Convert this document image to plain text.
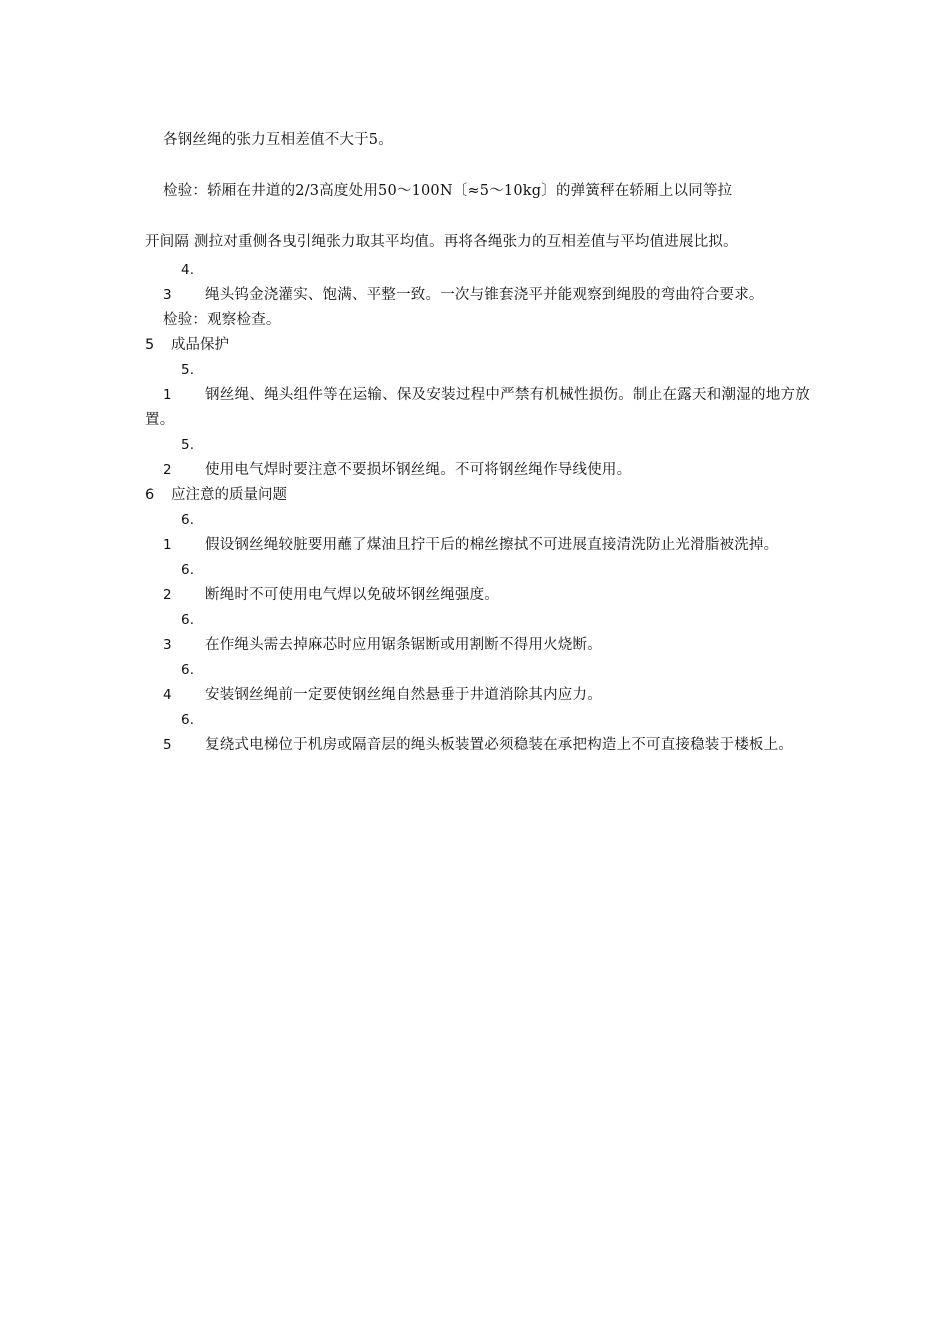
各钢丝绳的张力互相差值不大于5。

检验：轿厢在井道的2/3高度处用50～100N〔≈5～10kg〕的弹簧秤在轿厢上以同等拉

开间隔 测拉对重侧各曳引绳张力取其平均值。再将各绳张力的互相差值与平均值进展比拟。

4. 3 绳头钨金浇灌实、饱满、平整一致。一次与锥套浇平并能观察到绳股的弯曲符合要求。

检验：观察检查。

5 成品保护

5. 1 钢丝绳、绳头组件等在运输、保及安装过程中严禁有机械性损伤。制止在露天和潮湿的地方放置。

5. 2 使用电气焊时要注意不要损坏钢丝绳。不可将钢丝绳作导线使用。

6 应注意的质量问题

6. 1 假设钢丝绳较脏要用蘸了煤油且拧干后的棉丝擦拭不可进展直接清洗防止光滑脂被洗掉。

6. 2 断绳时不可使用电气焊以免破坏钢丝绳强度。

6. 3 在作绳头需去掉麻芯时应用锯条锯断或用割断不得用火烧断。

6. 4 安装钢丝绳前一定要使钢丝绳自然悬垂于井道消除其内应力。

6. 5 复绕式电梯位于机房或隔音层的绳头板装置必须稳装在承把构造上不可直接稳装于楼板上。
